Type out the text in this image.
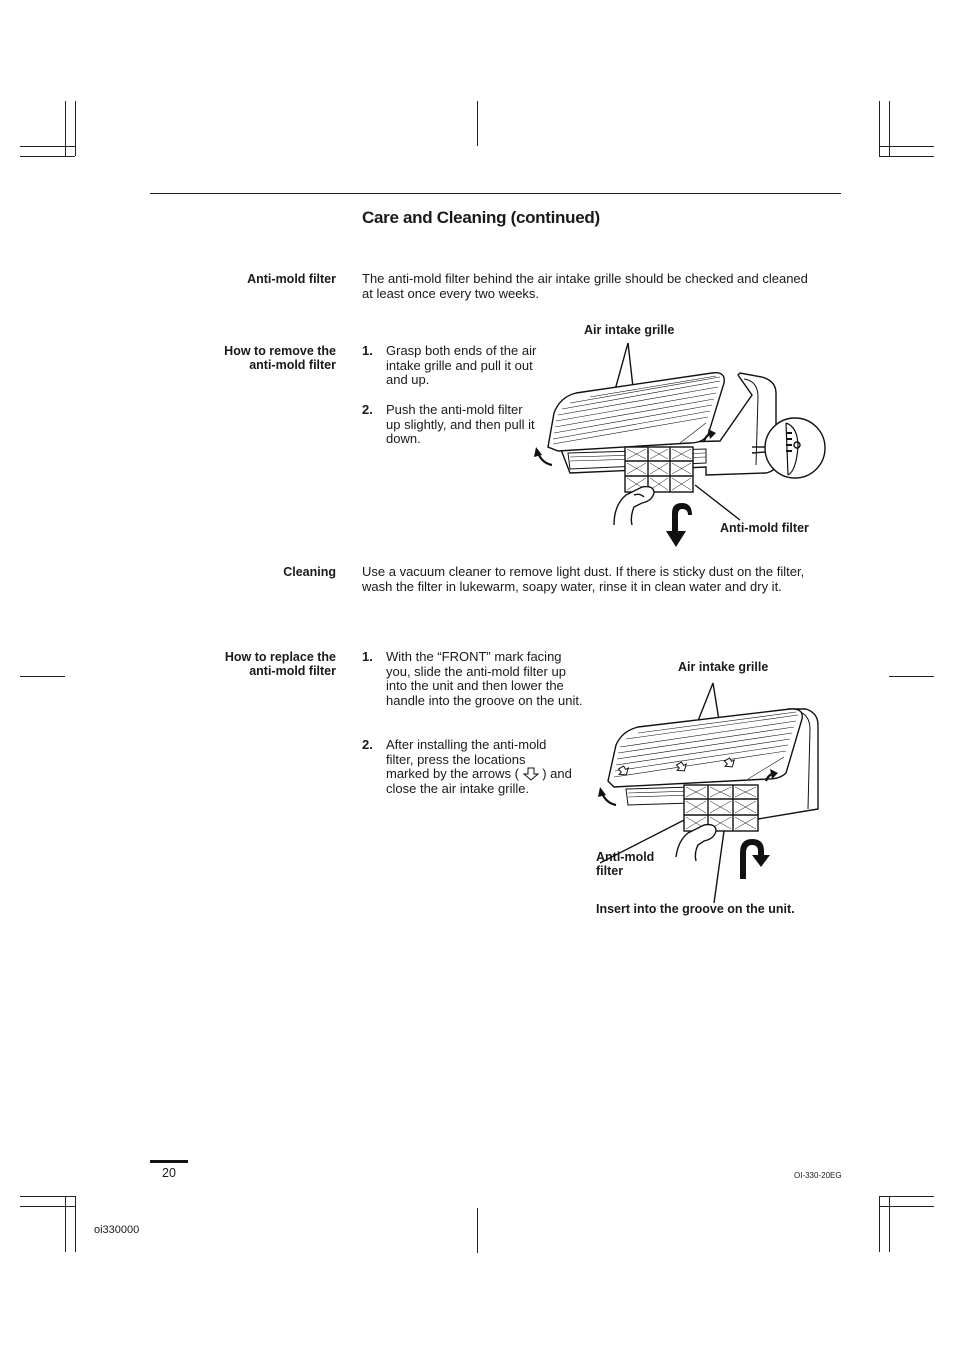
Care and Cleaning (continued)
Anti-mold filter The anti-mold filter behind the air intake grille should be checked and cleaned at least once every two weeks.
How to remove the
anti-mold filter
1. Grasp both ends of the air intake grille and pull it out and up.
2. Push the anti-mold filter up slightly, and then pull it down.
Air intake grille
Anti-mold filter
Cleaning Use a vacuum cleaner to remove light dust. If there is sticky dust on the filter, wash the filter in lukewarm, soapy water, rinse it in clean water and dry it.
How to replace the
anti-mold filter
1. With the “FRONT” mark facing you, slide the anti-mold filter up into the unit and then lower the handle into the groove on the unit.
2. After installing the anti-mold filter, press the locations marked by the arrows ( ) and close the air intake grille.
Air intake grille
Anti-mold
filter
Insert into the groove on the unit.
20	OI-330-20EG
oi330000
